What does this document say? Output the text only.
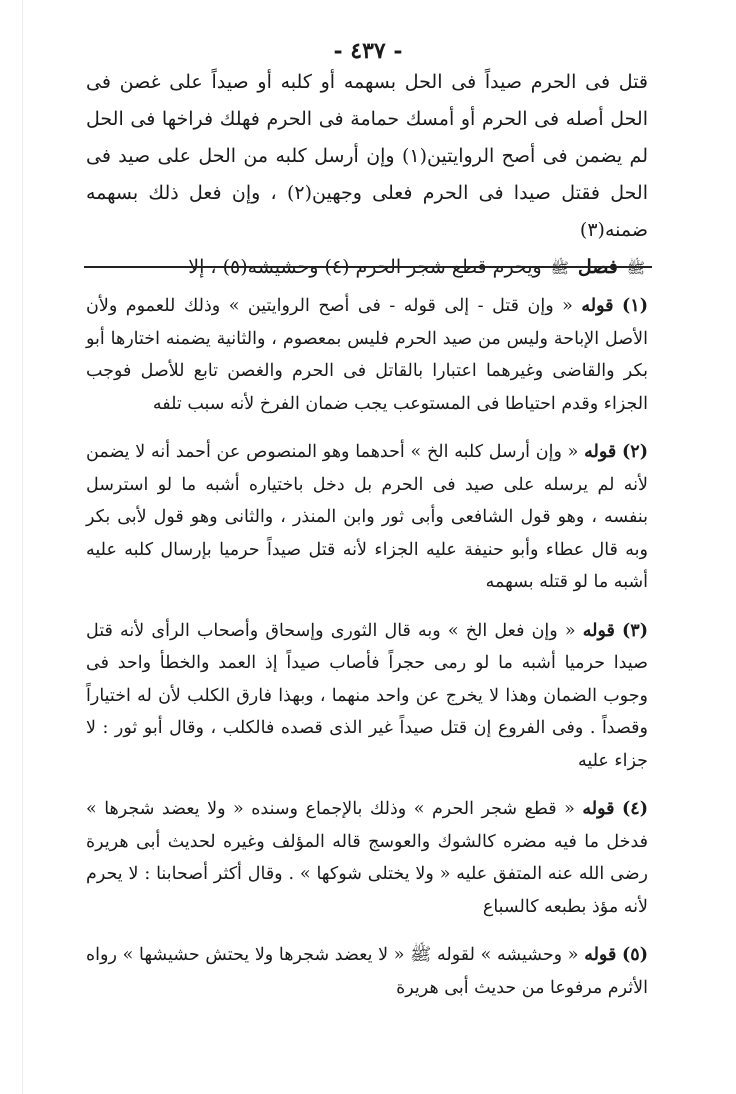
- ٤٣٧ -

قتل فى الحرم صيداً فى الحل بسهمه أو كلبه أو صيداً على غصن فى الحل أصله فى الحرم أو أمسك حمامة فى الحرم فهلك فراخها فى الحل لم يضمن فى أصح الروايتين(١) وإن أرسل كلبه من الحل على صيد فى الحل فقتل صيدا فى الحرم فعلى وجهين(٢) ، وإن فعل ذلك بسهمه ضمنه(٣)

ﷺ فصل ﷺ ويحرم قطع شجر الحرم (٤) وحشيشه(٥) ، إلا

(١) قوله « وإن قتل - إلى قوله - فى أصح الروايتين » وذلك للعموم ولأن الأصل الإباحة وليس من صيد الحرم فليس بمعصوم ، والثانية يضمنه اختارها أبو بكر والقاضى وغيرهما اعتبارا بالقاتل فى الحرم والغصن تابع للأصل فوجب الجزاء وقدم احتياطا فى المستوعب يجب ضمان الفرخ لأنه سبب تلفه

(٢) قوله « وإن أرسل كلبه الخ » أحدهما وهو المنصوص عن أحمد أنه لا يضمن لأنه لم يرسله على صيد فى الحرم بل دخل باختياره أشبه ما لو استرسل بنفسه ، وهو قول الشافعى وأبى ثور وابن المنذر ، والثانى وهو قول لأبى بكر وبه قال عطاء وأبو حنيفة عليه الجزاء لأنه قتل صيداً حرميا بإرسال كلبه عليه أشبه ما لو قتله بسهمه

(٣) قوله « وإن فعل الخ » وبه قال الثورى وإسحاق وأصحاب الرأى لأنه قتل صيدا حرميا أشبه ما لو رمى حجراً فأصاب صيداً إذ العمد والخطأ واحد فى وجوب الضمان وهذا لا يخرج عن واحد منهما ، وبهذا فارق الكلب لأن له اختياراً وقصداً . وفى الفروع إن قتل صيداً غير الذى قصده فالكلب ، وقال أبو ثور : لا جزاء عليه

(٤) قوله « قطع شجر الحرم » وذلك بالإجماع وسنده « ولا يعضد شجرها » فدخل ما فيه مضره كالشوك والعوسج قاله المؤلف وغيره لحديث أبى هريرة رضى الله عنه المتفق عليه « ولا يختلى شوكها » . وقال أكثر أصحابنا : لا يحرم لأنه مؤذ بطبعه كالسباع

(٥) قوله « وحشيشه » لقوله ﷺ « لا يعضد شجرها ولا يحتش حشيشها » رواه الأثرم مرفوعا من حديث أبى هريرة
